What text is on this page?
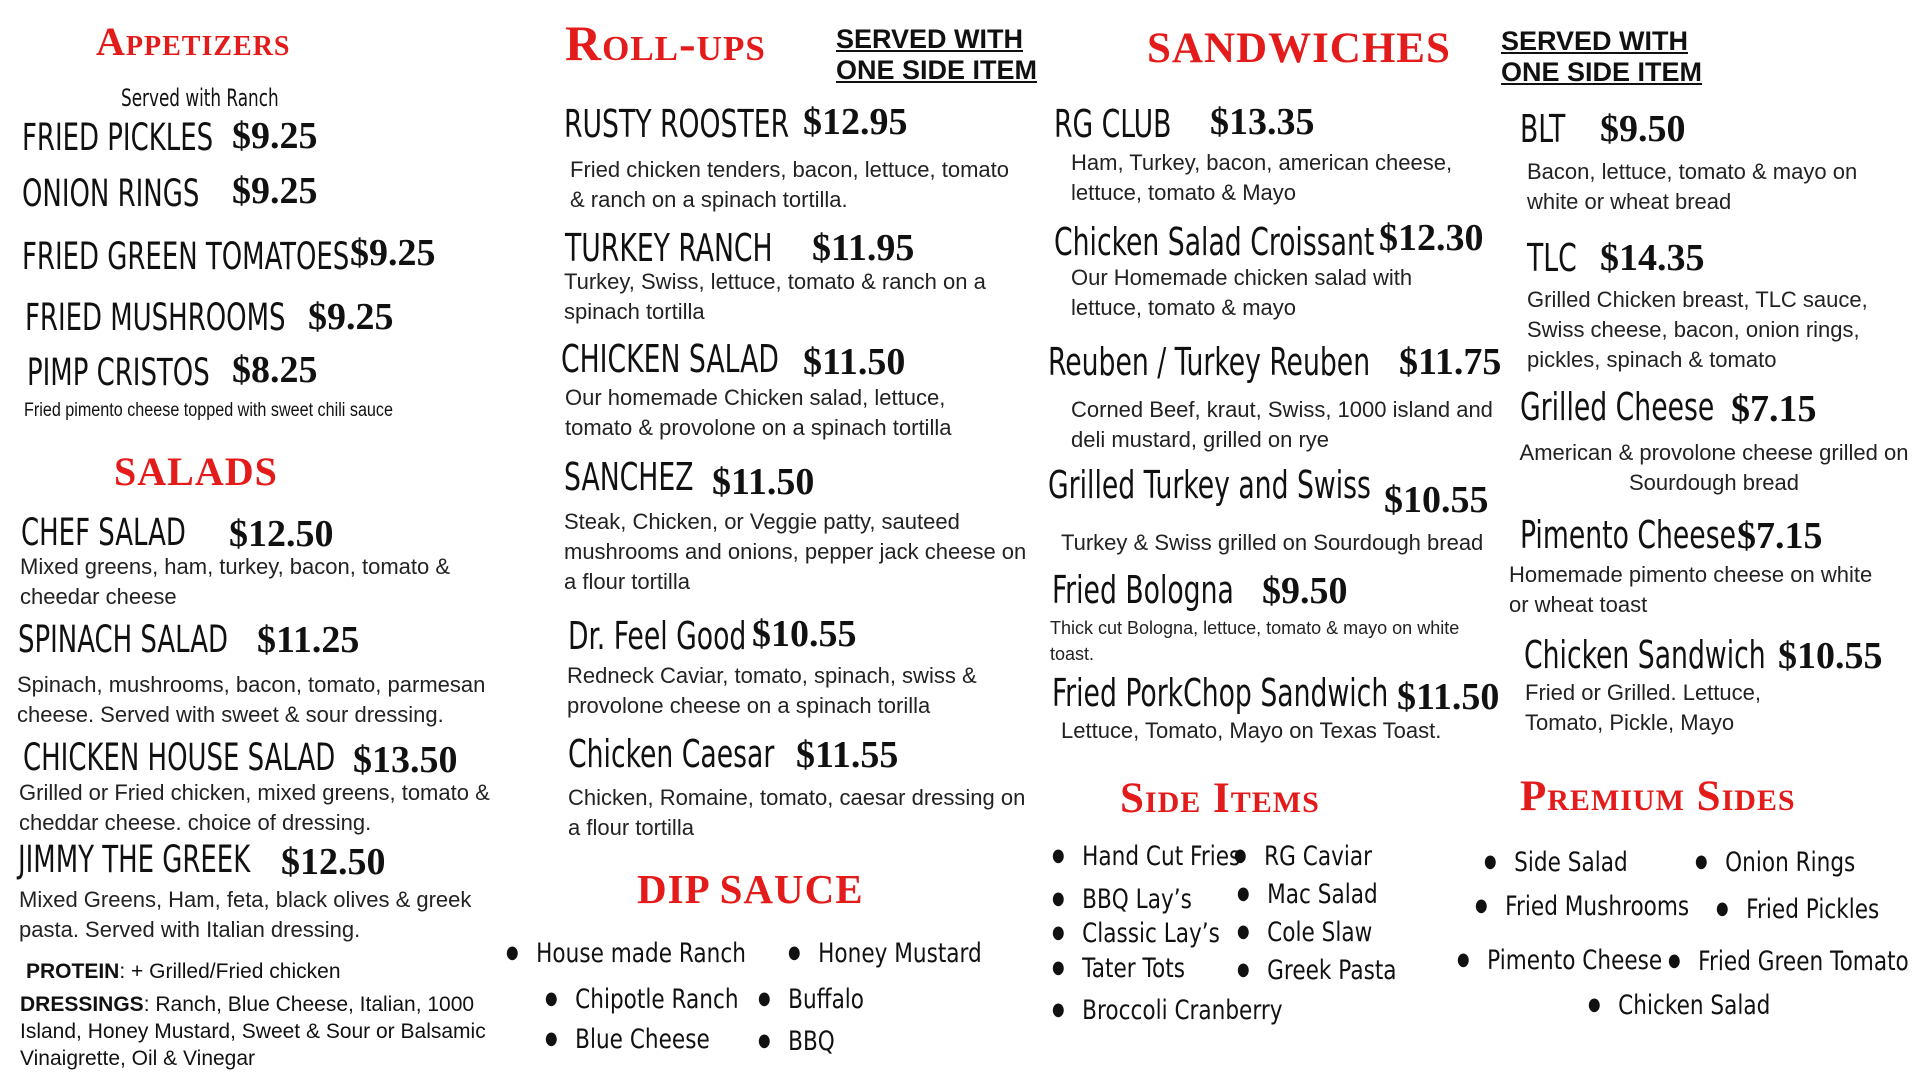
Appetizers
Served with Ranch
FRIED PICKLES $9.25
ONION RINGS $9.25
FRIED GREEN TOMATOES $9.25
FRIED MUSHROOMS $9.25
PIMP CRISTOS $8.25
Fried pimento cheese topped with sweet chili sauce
SALADS
CHEF SALAD $12.50
Mixed greens, ham, turkey, bacon, tomato & cheedar cheese
SPINACH SALAD $11.25
Spinach, mushrooms, bacon, tomato, parmesan cheese. Served with sweet & sour dressing.
CHICKEN HOUSE SALAD $13.50
Grilled or Fried chicken, mixed greens, tomato & cheddar cheese. choice of dressing.
JIMMY THE GREEK $12.50
Mixed Greens, Ham, feta, black olives & greek pasta. Served with Italian dressing.
PROTEIN: + Grilled/Fried chicken
DRESSINGS: Ranch, Blue Cheese, Italian, 1000 Island, Honey Mustard, Sweet & Sour or Balsamic Vinaigrette, Oil & Vinegar
Roll-ups	SERVED WITH
ONE SIDE ITEM
RUSTY ROOSTER $12.95
Fried chicken tenders, bacon, lettuce, tomato & ranch on a spinach tortilla.
TURKEY RANCH $11.95
Turkey, Swiss, lettuce, tomato & ranch on a spinach tortilla
CHICKEN SALAD $11.50
Our homemade Chicken salad, lettuce, tomato & provolone on a spinach tortilla
SANCHEZ $11.50
Steak, Chicken, or Veggie patty, sauteed mushrooms and onions, pepper jack cheese on a flour tortilla
Dr. Feel Good $10.55
Redneck Caviar, tomato, spinach, swiss & provolone cheese on a spinach torilla
Chicken Caesar $11.55
Chicken, Romaine, tomato, caesar dressing on a flour tortilla
DIP SAUCE
● House made Ranch	● Honey Mustard
● Chipotle Ranch	● Buffalo
● Blue Cheese	● BBQ
SANDWICHES SERVED WITH
ONE SIDE ITEM
RG CLUB $13.35
Ham, Turkey, bacon, american cheese, lettuce, tomato & Mayo
Chicken Salad Croissant $12.30
Our Homemade chicken salad with lettuce, tomato & mayo
Reuben / Turkey Reuben $11.75
Corned Beef, kraut, Swiss, 1000 island and deli mustard, grilled on rye
Grilled Turkey and Swiss $10.55
Turkey & Swiss grilled on Sourdough bread
Fried Bologna $9.50
Thick cut Bologna, lettuce, tomato & mayo on white toast.
Fried PorkChop Sandwich $11.50
Lettuce, Tomato, Mayo on Texas Toast.
BLT $9.50
Bacon, lettuce, tomato & mayo on white or wheat bread
TLC $14.35
Grilled Chicken breast, TLC sauce, Swiss cheese, bacon, onion rings, pickles, spinach & tomato
Grilled Cheese $7.15
American & provolone cheese grilled on Sourdough bread
Pimento Cheese $7.15
Homemade pimento cheese on white or wheat toast
Chicken Sandwich $10.55
Fried or Grilled. Lettuce, Tomato, Pickle, Mayo
Side Items
● Hand Cut Fries ● RG Caviar
● BBQ Lay’s	● Mac Salad
● Classic Lay’s	● Cole Slaw
● Tater Tots	● Greek Pasta
● Broccoli Cranberry
Premium Sides
● Side Salad	● Onion Rings
● Fried Mushrooms	● Fried Pickles
● Pimento Cheese	● Fried Green Tomato
● Chicken Salad
